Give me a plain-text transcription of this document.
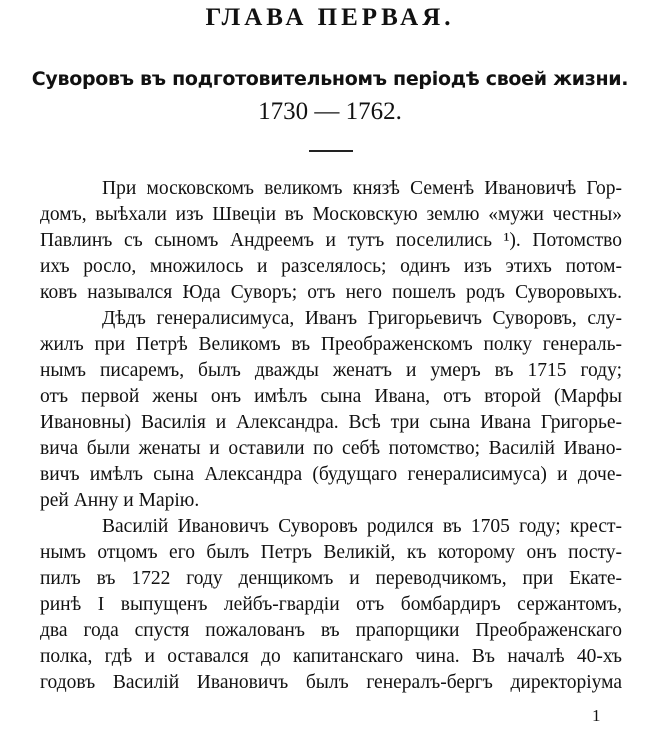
ГЛАВА ПЕРВАЯ.
Суворовъ въ подготовительномъ періодѣ своей жизни.
1730 — 1762.
При московскомъ великомъ князѣ Семенѣ Ивановичѣ Гор-
домъ, выѣхали изъ Швеціи въ Московскую землю «мужи честны»
Павлинъ съ сыномъ Андреемъ и тутъ поселились ¹). Потомство
ихъ росло, множилось и разселялось; одинъ изъ этихъ потом-
ковъ назывался Юда Суворъ; отъ него пошелъ родъ Суворовыхъ.
Дѣдъ генералисимуса, Иванъ Григорьевичъ Суворовъ, слу-
жилъ при Петрѣ Великомъ въ Преображенскомъ полку генераль-
нымъ писаремъ, былъ дважды женатъ и умеръ въ 1715 году;
отъ первой жены онъ имѣлъ сына Ивана, отъ второй (Марфы
Ивановны) Василія и Александра. Всѣ три сына Ивана Григорье-
вича были женаты и оставили по себѣ потомство; Василій Ивано-
вичъ имѣлъ сына Александра (будущаго генералисимуса) и доче-
рей Анну и Марію.
Василій Ивановичъ Суворовъ родился въ 1705 году; крест-
нымъ отцомъ его былъ Петръ Великій, къ которому онъ посту-
пилъ въ 1722 году денщикомъ и переводчикомъ, при Екате-
ринѣ I выпущенъ лейбъ-гвардіи отъ бомбардиръ сержантомъ,
два года спустя пожалованъ въ прапорщики Преображенскаго
полка, гдѣ и оставался до капитанскаго чина. Въ началѣ 40-хъ
годовъ Василій Ивановичъ былъ генералъ-бергъ директоріума
1
